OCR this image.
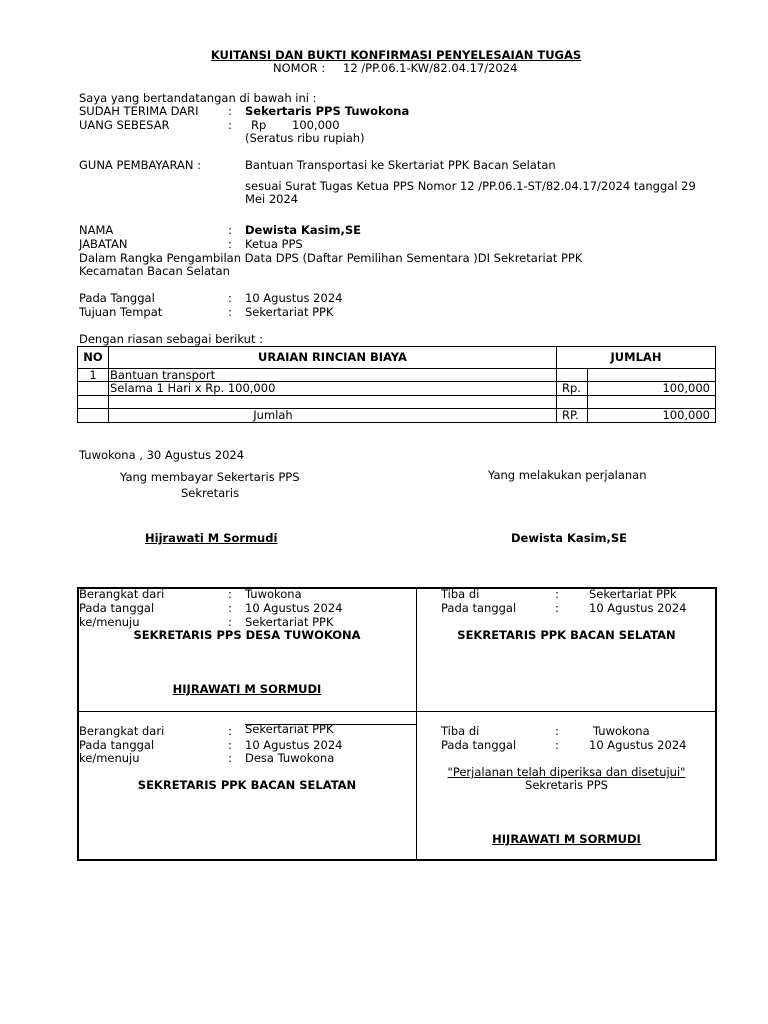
KUITANSI DAN BUKTI KONFIRMASI PENYELESAIAN TUGAS
NOMOR : 12 /PP.06.1-KW/82.04.17/2024
Saya yang bertandatangan di bawah ini :
SUDAH TERIMA DARI	: Sekertaris PPS Tuwokona
UANG SEBESAR	: Rp 100,000
(Seratus ribu rupiah)
GUNA PEMBAYARAN :	Bantuan Transportasi ke Skertariat PPK Bacan Selatan
sesuai Surat Tugas Ketua PPS Nomor 12 /PP.06.1-ST/82.04.17/2024 tanggal 29
Mei 2024
NAMA	: Dewista Kasim,SE
JABATAN	: Ketua PPS
Dalam Rangka Pengambilan Data DPS (Daftar Pemilihan Sementara )DI Sekretariat PPK
Kecamatan Bacan Selatan
Pada Tanggal	: 10 Agustus 2024
Tujuan Tempat	: Sekertariat PPK
Dengan riasan sebagai berikut :
NO	URAIAN RINCIAN BIAYA	JUMLAH
1	Bantuan transport
Selama 1 Hari x Rp. 100,000	Rp.	100,000
Jumlah	RP.	100,000
Tuwokona , 30 Agustus 2024
Yang membayar Sekertaris PPS
Sekretaris
Hijrawati M Sormudi
Yang melakukan perjalanan
Dewista Kasim,SE
Berangkat dari	: Tuwokona
Pada tanggal	: 10 Agustus 2024
ke/menuju	: Sekertariat PPK
SEKRETARIS PPS DESA TUWOKONA
HIJRAWATI M SORMUDI
Tiba di	:	Sekertariat PPk
Pada tanggal	:	10 Agustus 2024
SEKRETARIS PPK BACAN SELATAN
Berangkat dari	: Sekertariat PPK
Pada tanggal	: 10 Agustus 2024
ke/menuju	: Desa Tuwokona
SEKRETARIS PPK BACAN SELATAN
Tiba di	:	Tuwokona
Pada tanggal	:	10 Agustus 2024
"Perjalanan telah diperiksa dan disetujui"
Sekretaris PPS
HIJRAWATI M SORMUDI
